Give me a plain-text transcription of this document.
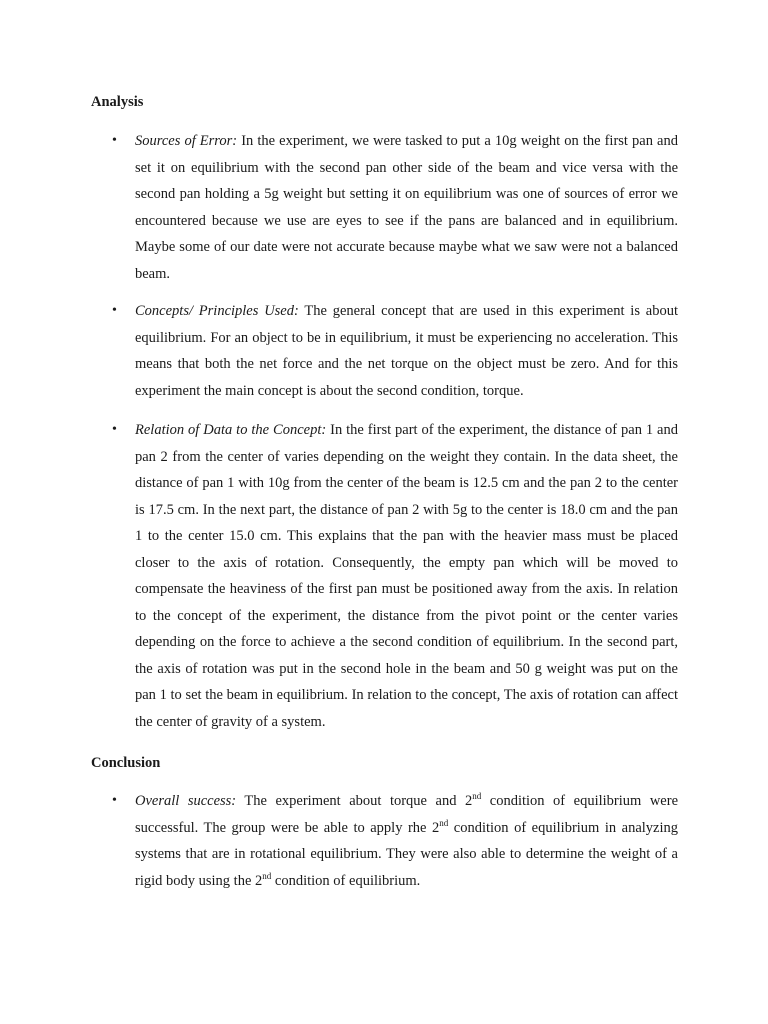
Analysis
• Sources of Error: In the experiment, we were tasked to put a 10g weight on the first pan and set it on equilibrium with the second pan other side of the beam and vice versa with the second pan holding a 5g weight but setting it on equilibrium was one of sources of error we encountered because we use are eyes to see if the pans are balanced and in equilibrium. Maybe some of our date were not accurate because maybe what we saw were not a balanced beam.
• Concepts/ Principles Used: The general concept that are used in this experiment is about equilibrium. For an object to be in equilibrium, it must be experiencing no acceleration. This means that both the net force and the net torque on the object must be zero. And for this experiment the main concept is about the second condition, torque.
• Relation of Data to the Concept: In the first part of the experiment, the distance of pan 1 and pan 2 from the center of varies depending on the weight they contain. In the data sheet, the distance of pan 1 with 10g from the center of the beam is 12.5 cm and the pan 2 to the center is 17.5 cm. In the next part, the distance of pan 2 with 5g to the center is 18.0 cm and the pan 1 to the center 15.0 cm. This explains that the pan with the heavier mass must be placed closer to the axis of rotation. Consequently, the empty pan which will be moved to compensate the heaviness of the first pan must be positioned away from the axis. In relation to the concept of the experiment, the distance from the pivot point or the center varies depending on the force to achieve a the second condition of equilibrium. In the second part, the axis of rotation was put in the second hole in the beam and 50 g weight was put on the pan 1 to set the beam in equilibrium. In relation to the concept, The axis of rotation can affect the center of gravity of a system.
Conclusion
• Overall success: The experiment about torque and 2nd condition of equilibrium were successful. The group were be able to apply rhe 2nd condition of equilibrium in analyzing systems that are in rotational equilibrium. They were also able to determine the weight of a rigid body using the 2nd condition of equilibrium.
